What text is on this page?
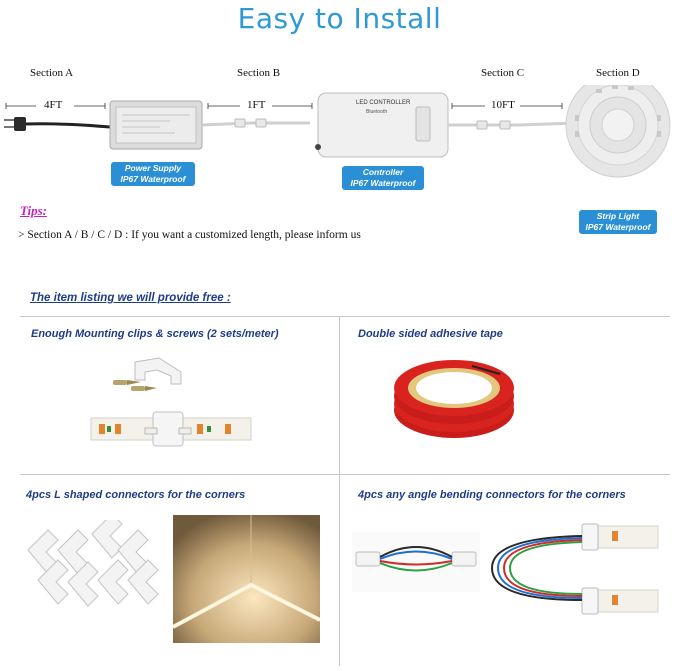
Easy to Install
Section A	Section B	Section C	Section D
4FT	1FT	10FT
LED CONTROLLER
Bluetooth
Power Supply
IP67 Waterproof
Controller
IP67 Waterproof
Strip Light
IP67 Waterproof
Tips:
> Section A / B / C / D : If you want a customized length, please inform us
The item listing we will provide free :
Enough Mounting clips & screws (2 sets/meter)	Double sided adhesive tape
4pcs L shaped connectors for the corners	4pcs any angle bending connectors for the corners
